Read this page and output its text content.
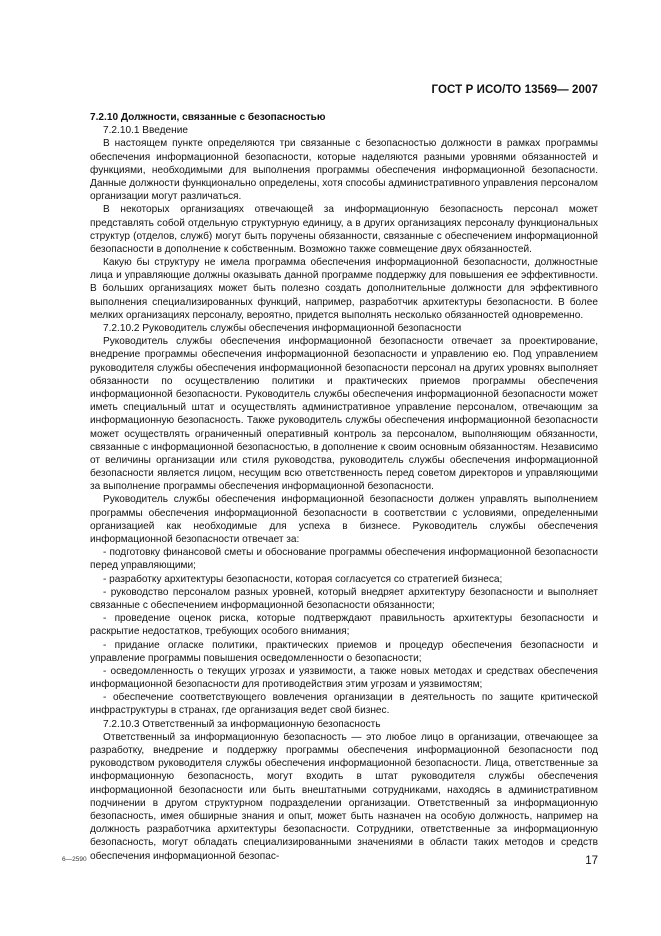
ГОСТ Р ИСО/ТО 13569— 2007

7.2.10 Должности, связанные с безопасностью

7.2.10.1 Введение

В настоящем пункте определяются три связанные с безопасностью должности в рамках программы обеспечения информационной безопасности, которые наделяются разными уровнями обязанностей и функциями, необходимыми для выполнения программы обеспечения информационной безопасности. Данные должности функционально определены, хотя способы административного управления персоналом организации могут различаться.

В некоторых организациях отвечающей за информационную безопасность персонал может представлять собой отдельную структурную единицу, а в других организациях персоналу функциональных структур (отделов, служб) могут быть поручены обязанности, связанные с обеспечением информационной безопасности в дополнение к собственным. Возможно также совмещение двух обязанностей.

Какую бы структуру не имела программа обеспечения информационной безопасности, должностные лица и управляющие должны оказывать данной программе поддержку для повышения ее эффективности. В больших организациях может быть полезно создать дополнительные должности для эффективного выполнения специализированных функций, например, разработчик архитектуры безопасности. В более мелких организациях персоналу, вероятно, придется выполнять несколько обязанностей одновременно.

7.2.10.2 Руководитель службы обеспечения информационной безопасности

Руководитель службы обеспечения информационной безопасности отвечает за проектирование, внедрение программы обеспечения информационной безопасности и управлению ею. Под управлением руководителя службы обеспечения информационной безопасности персонал на других уровнях выполняет обязанности по осуществлению политики и практических приемов программы обеспечения информационной безопасности. Руководитель службы обеспечения информационной безопасности может иметь специальный штат и осуществлять административное управление персоналом, отвечающим за информационную безопасность. Также руководитель службы обеспечения информационной безопасности может осуществлять ограниченный оперативный контроль за персоналом, выполняющим обязанности, связанные с информационной безопасностью, в дополнение к своим основным обязанностям. Независимо от величины организации или стиля руководства, руководитель службы обеспечения информационной безопасности является лицом, несущим всю ответственность перед советом директоров и управляющими за выполнение программы обеспечения информационной безопасности.

Руководитель службы обеспечения информационной безопасности должен управлять выполнением программы обеспечения информационной безопасности в соответствии с условиями, определенными организацией как необходимые для успеха в бизнесе. Руководитель службы обеспечения информационной безопасности отвечает за:

- подготовку финансовой сметы и обоснование программы обеспечения информационной безопасности перед управляющими;

- разработку архитектуры безопасности, которая согласуется со стратегией бизнеса;

- руководство персоналом разных уровней, который внедряет архитектуру безопасности и выполняет связанные с обеспечением информационной безопасности обязанности;

- проведение оценок риска, которые подтверждают правильность архитектуры безопасности и раскрытие недостатков, требующих особого внимания;

- придание огласке политики, практических приемов и процедур обеспечения безопасности и управление программы повышения осведомленности о безопасности;

- осведомленность о текущих угрозах и уязвимости, а также новых методах и средствах обеспечения информационной безопасности для противодействия этим угрозам и уязвимостям;

- обеспечение соответствующего вовлечения организации в деятельность по защите критической инфраструктуры в странах, где организация ведет свой бизнес.

7.2.10.3 Ответственный за информационную безопасность

Ответственный за информационную безопасность — это любое лицо в организации, отвечающее за разработку, внедрение и поддержку программы обеспечения информационной безопасности под руководством руководителя службы обеспечения информационной безопасности. Лица, ответственные за информационную безопасность, могут входить в штат руководителя службы обеспечения информационной безопасности или быть внештатными сотрудниками, находясь в административном подчинении в другом структурном подразделении организации. Ответственный за информационную безопасность, имея обширные знания и опыт, может быть назначен на особую должность, например на должность разработчика архитектуры безопасности. Сотрудники, ответственные за информационную безопасность, могут обладать специализированными значениями в области таких методов и средств обеспечения информационной безопас-

6—2590	17
